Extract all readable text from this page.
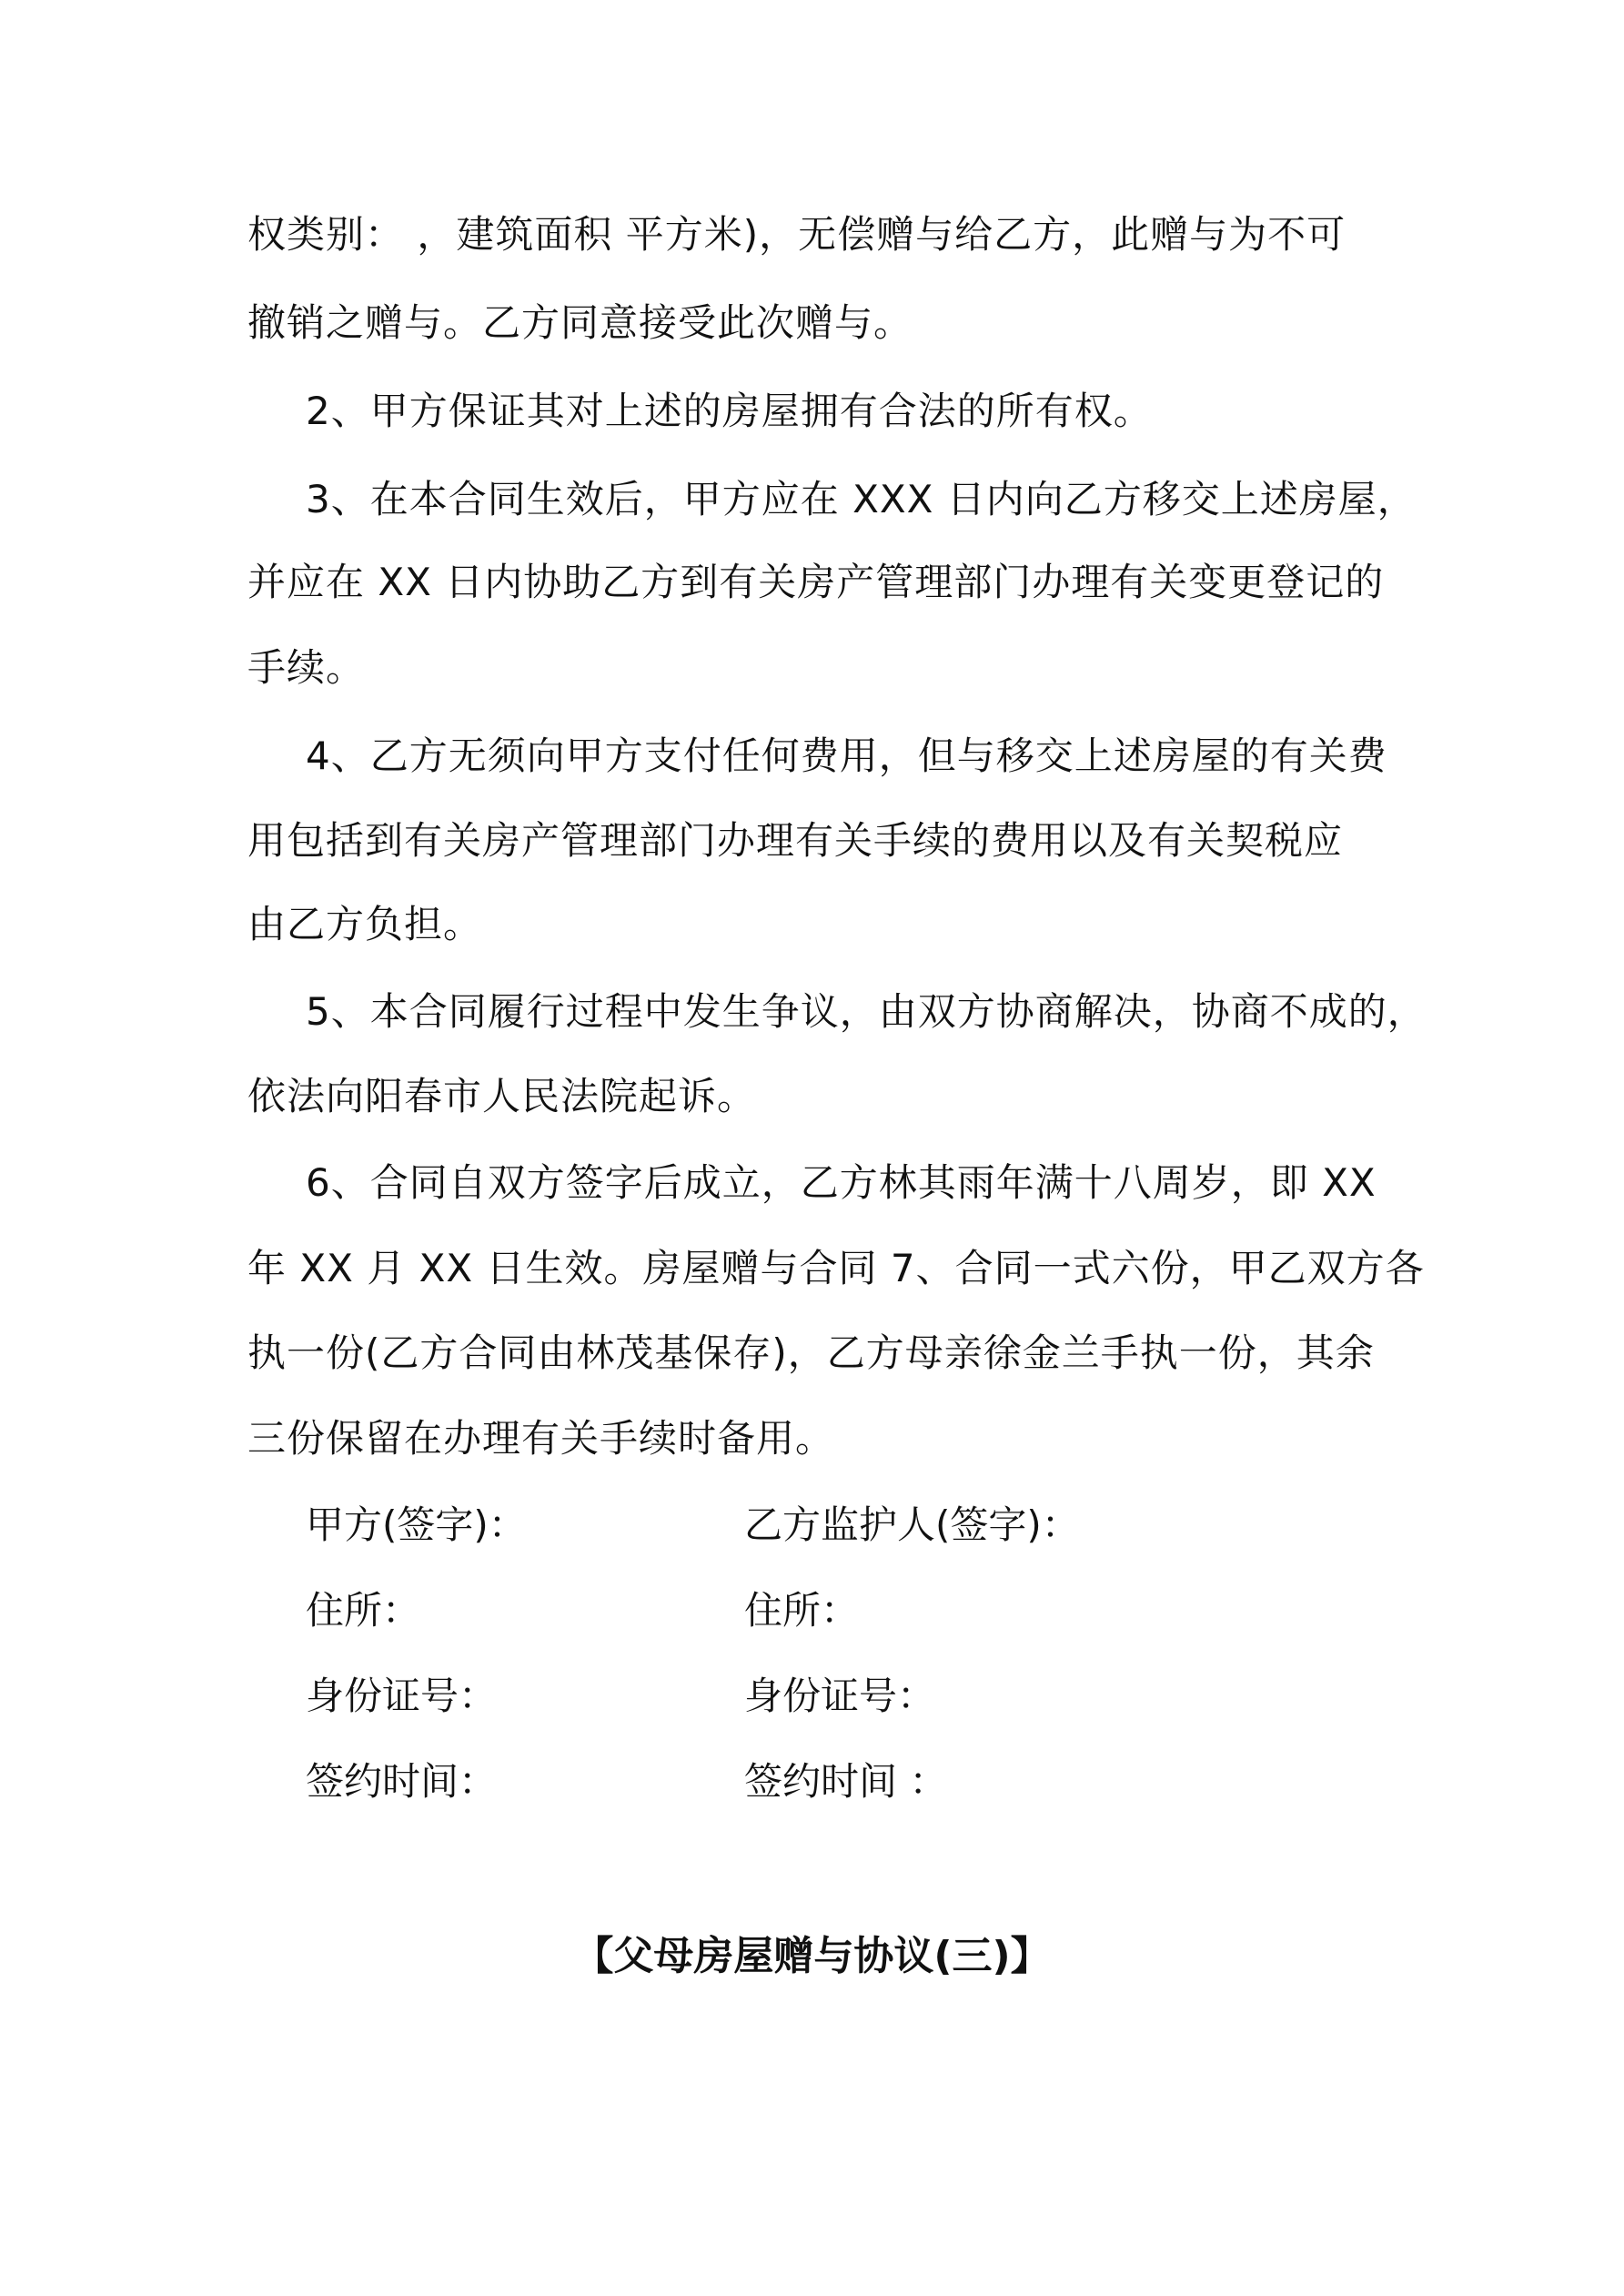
权类别： ，建筑面积 平方米)，无偿赠与给乙方，此赠与为不可
撤销之赠与。乙方同意接受此次赠与。
2、甲方保证其对上述的房屋拥有合法的所有权。
3、在本合同生效后，甲方应在 XXX 日内向乙方移交上述房屋，
并应在 XX 日内协助乙方到有关房产管理部门办理有关变更登记的
手续。
4、乙方无须向甲方支付任何费用，但与移交上述房屋的有关费
用包括到有关房产管理部门办理有关手续的费用以及有关契税应
由乙方负担。
5、本合同履行过程中发生争议，由双方协商解决，协商不成的，
依法向阳春市人民法院起诉。
6、合同自双方签字后成立，乙方林其雨年满十八周岁，即 XX
年 XX 月 XX 日生效。房屋赠与合同 7、合同一式六份，甲乙双方各
执一份(乙方合同由林茂基保存)，乙方母亲徐金兰手执一份，其余
三份保留在办理有关手续时备用。
甲方(签字)：	乙方监护人(签字)：
住所：	住所：
身份证号：	身份证号：
签约时间：	签约时间 ：
【父母房屋赠与协议(三)】
